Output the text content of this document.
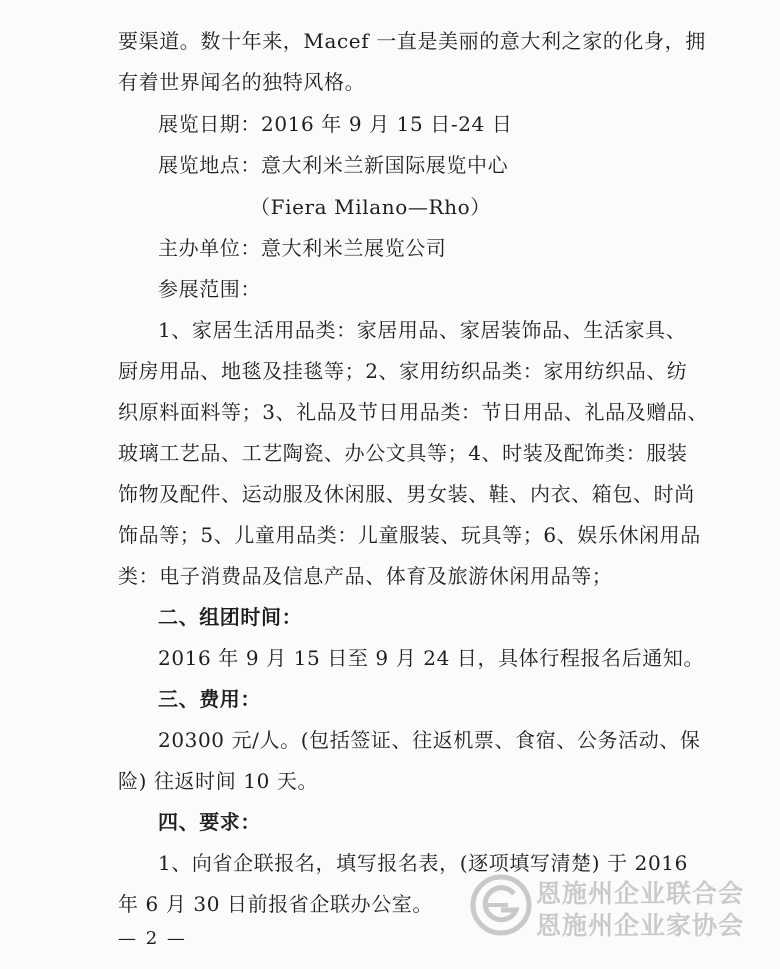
要渠道。数十年来，Macef 一直是美丽的意大利之家的化身，拥
有着世界闻名的独特风格。
展览日期：2016 年 9 月 15 日-24 日
展览地点：意大利米兰新国际展览中心
（Fiera Milano—Rho）
主办单位：意大利米兰展览公司
参展范围：
1、家居生活用品类：家居用品、家居装饰品、生活家具、
厨房用品、地毯及挂毯等；2、家用纺织品类：家用纺织品、纺
织原料面料等；3、礼品及节日用品类：节日用品、礼品及赠品、
玻璃工艺品、工艺陶瓷、办公文具等；4、时装及配饰类：服装
饰物及配件、运动服及休闲服、男女装、鞋、内衣、箱包、时尚
饰品等；5、儿童用品类：儿童服装、玩具等；6、娱乐休闲用品
类：电子消费品及信息产品、体育及旅游休闲用品等；
二、组团时间：
2016 年 9 月 15 日至 9 月 24 日，具体行程报名后通知。
三、费用：
20300 元/人。(包括签证、往返机票、食宿、公务活动、保
险) 往返时间 10 天。
四、要求：
1、向省企联报名，填写报名表，(逐项填写清楚) 于 2016
年 6 月 30 日前报省企联办公室。
— 2 —
恩施州企业联合会
恩施州企业家协会
